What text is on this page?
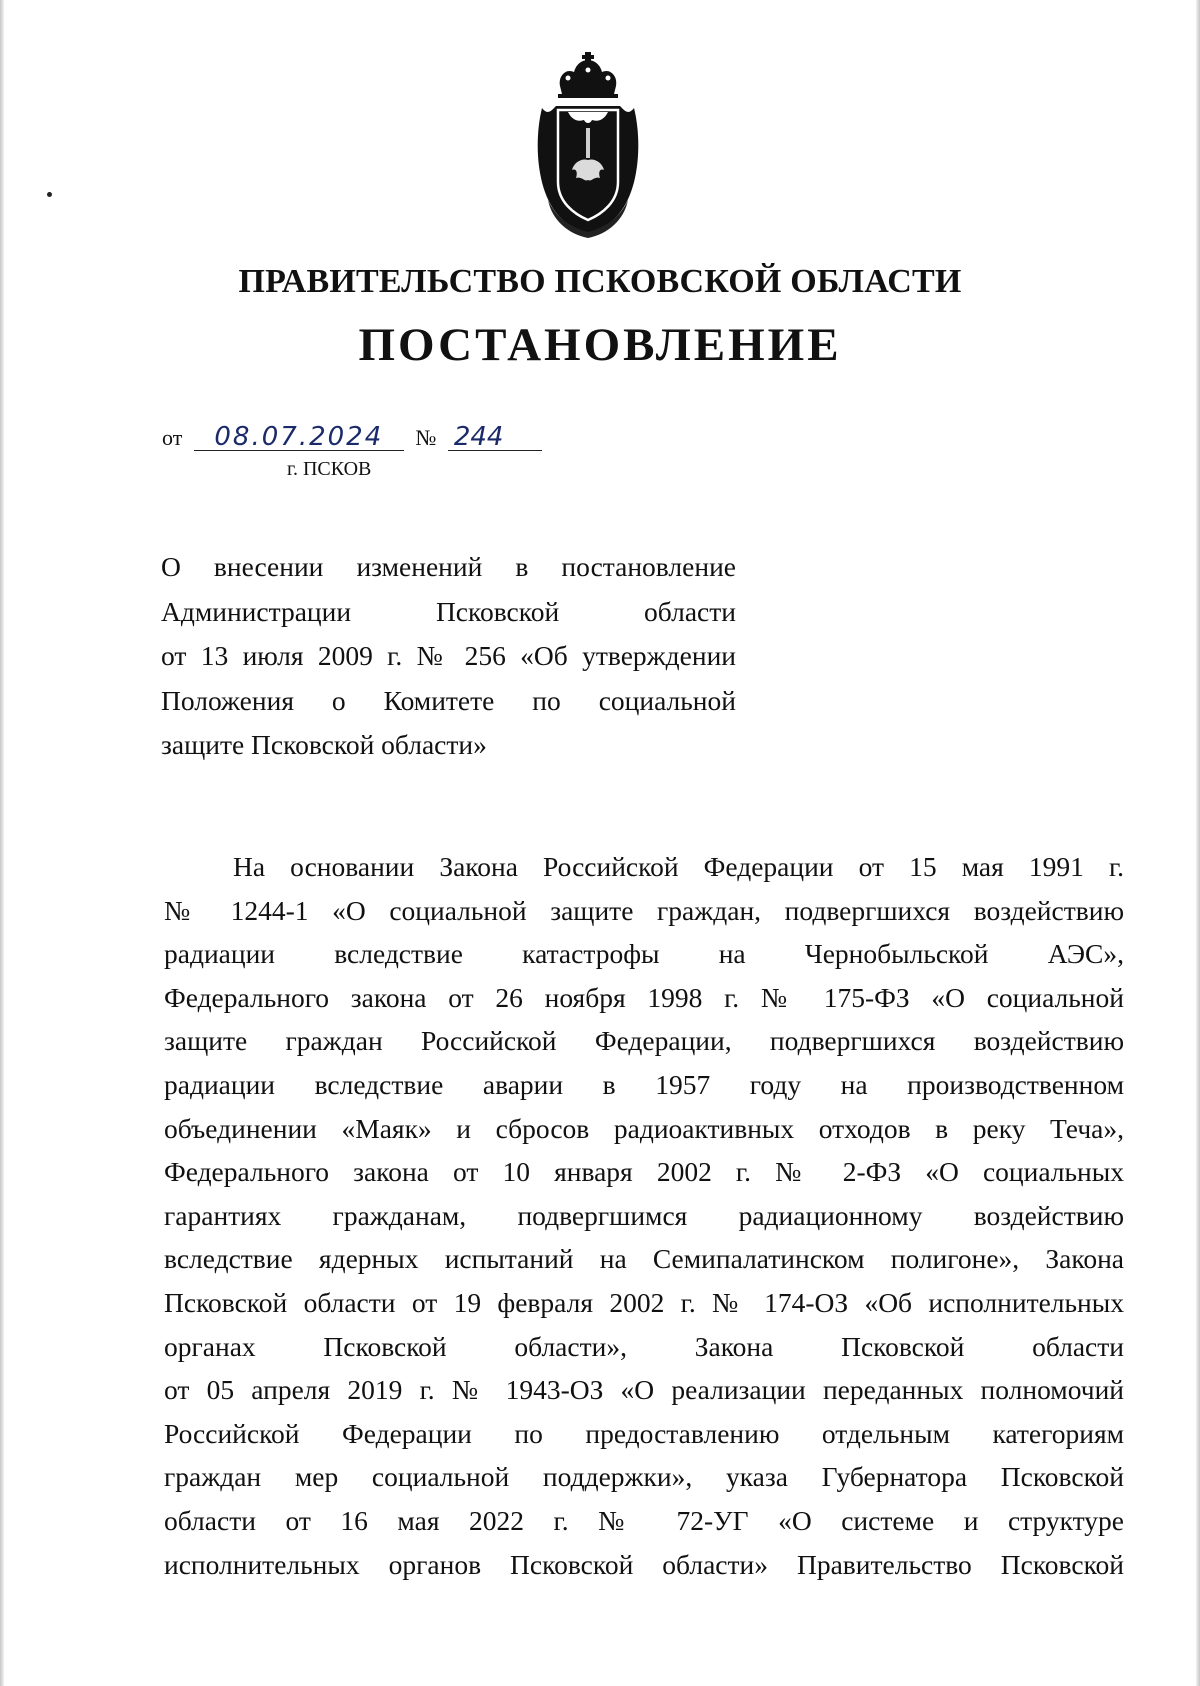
ПРАВИТЕЛЬСТВО ПСКОВСКОЙ ОБЛАСТИ
ПОСТАНОВЛЕНИЕ
от 08.07.2024 № 244
г. ПСКОВ
О внесении изменений в постановление
Администрации Псковской области
от 13 июля 2009 г. № 256 «Об утверждении
Положения о Комитете по социальной
защите Псковской области»
На основании Закона Российской Федерации от 15 мая 1991 г.
№ 1244-1 «О социальной защите граждан, подвергшихся воздействию
радиации вследствие катастрофы на Чернобыльской АЭС»,
Федерального закона от 26 ноября 1998 г. № 175-ФЗ «О социальной
защите граждан Российской Федерации, подвергшихся воздействию
радиации вследствие аварии в 1957 году на производственном
объединении «Маяк» и сбросов радиоактивных отходов в реку Теча»,
Федерального закона от 10 января 2002 г. № 2-ФЗ «О социальных
гарантиях гражданам, подвергшимся радиационному воздействию
вследствие ядерных испытаний на Семипалатинском полигоне», Закона
Псковской области от 19 февраля 2002 г. № 174-ОЗ «Об исполнительных
органах Псковской области», Закона Псковской области
от 05 апреля 2019 г. № 1943-ОЗ «О реализации переданных полномочий
Российской Федерации по предоставлению отдельным категориям
граждан мер социальной поддержки», указа Губернатора Псковской
области от 16 мая 2022 г. № 72-УГ «О системе и структуре
исполнительных органов Псковской области» Правительство Псковской
